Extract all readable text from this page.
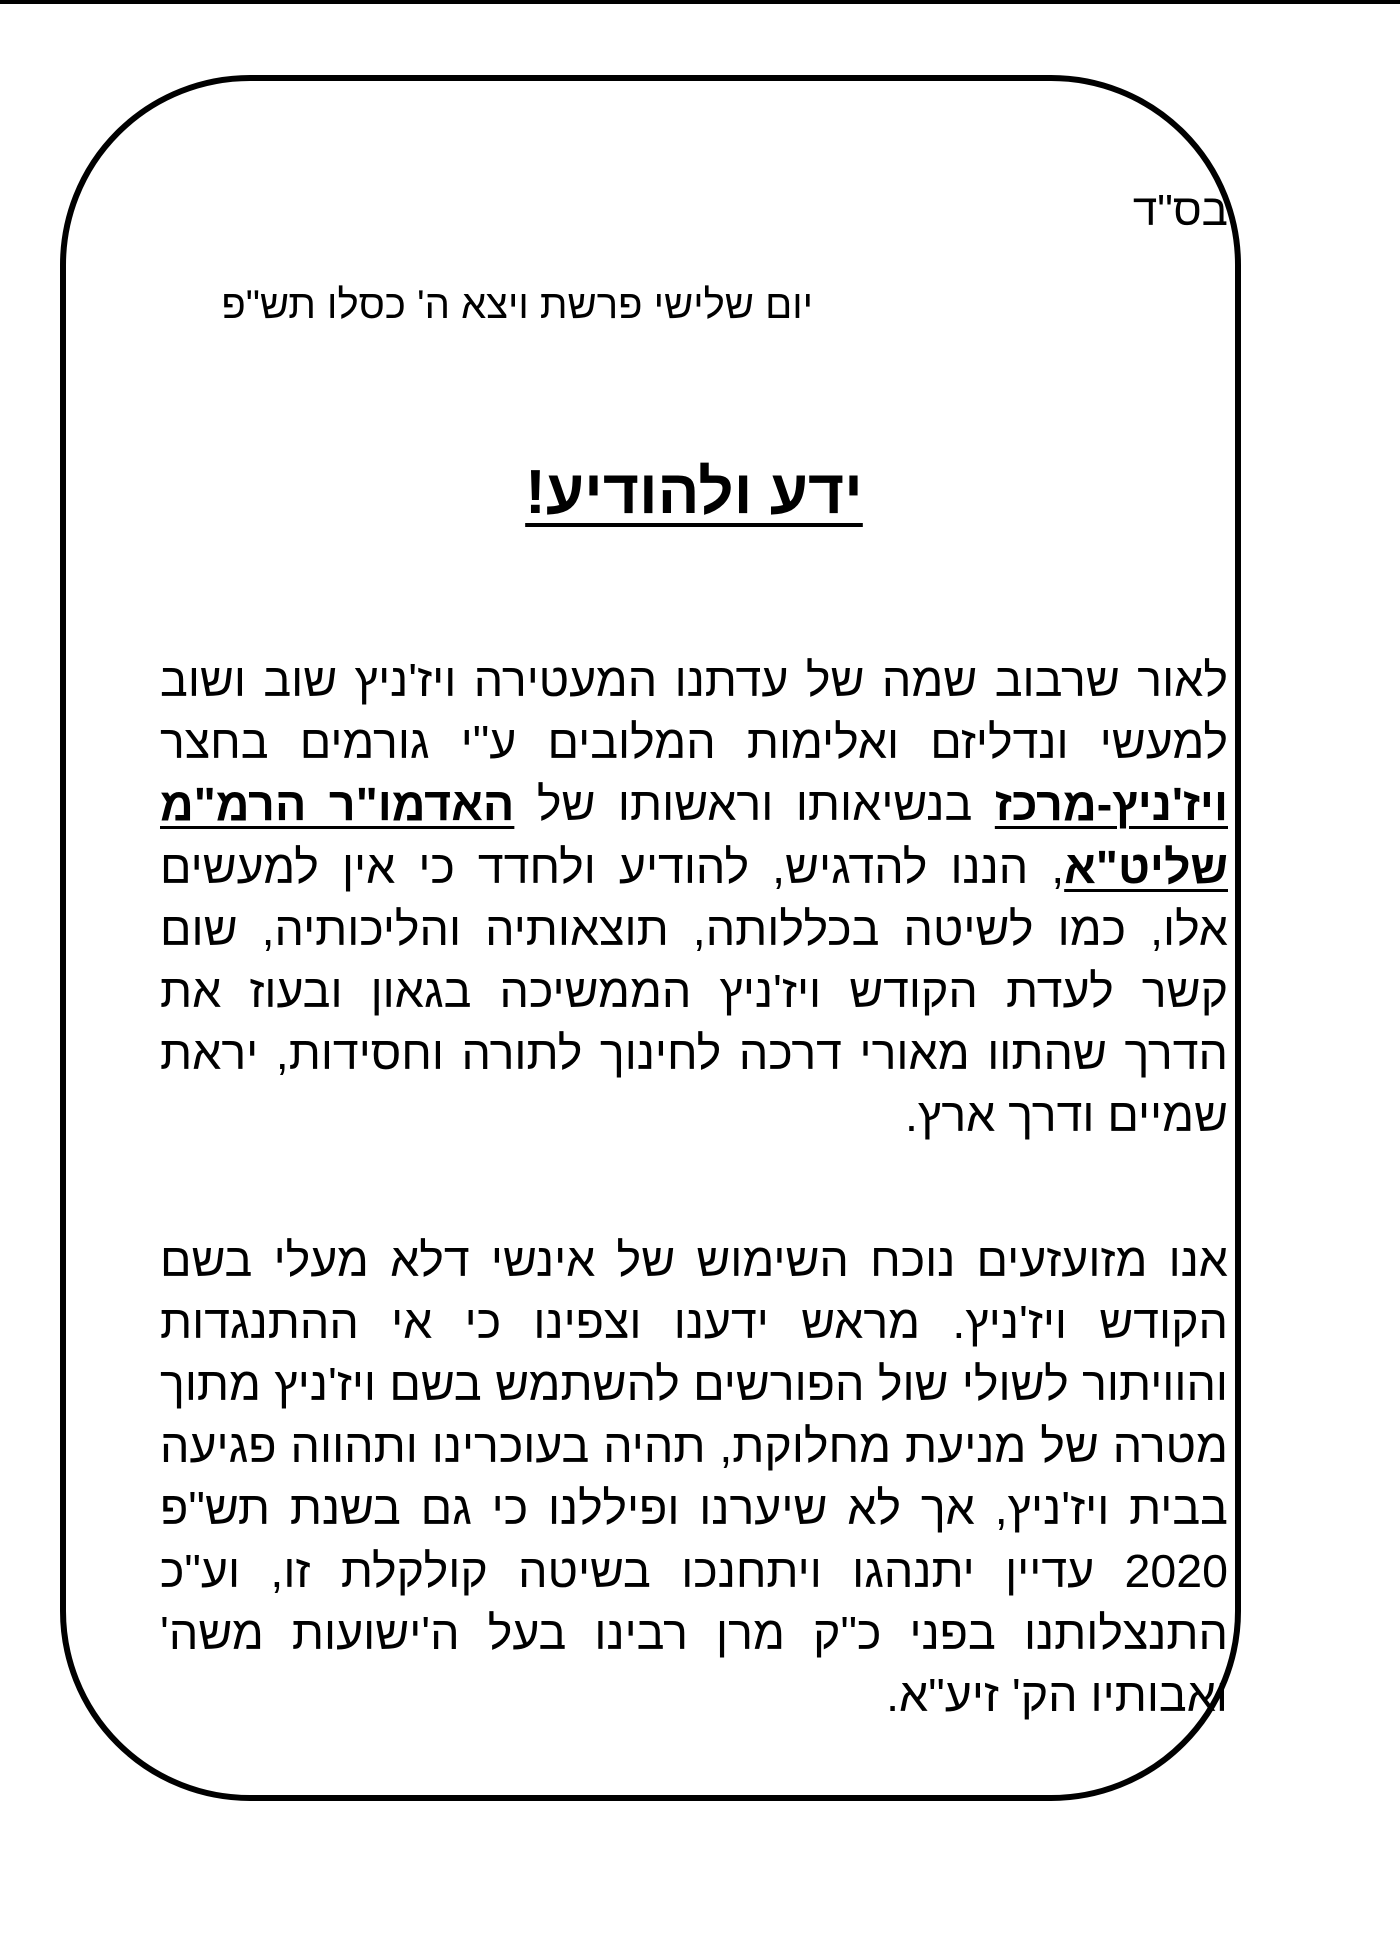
בס"ד
יום שלישי פרשת ויצא ה' כסלו תש"פ
ידע ולהודיע!

לאור שרבוב שמה של עדתנו המעטירה ויז'ניץ שוב ושוב למעשי ונדליזם ואלימות המלובים ע"י גורמים בחצר ויז'ניץ-מרכז בנשיאותו וראשותו של האדמו"ר הרמ"מ שליט"א, הננו להדגיש, להודיע ולחדד כי אין למעשים אלו, כמו לשיטה בכללותה, תוצאותיה והליכותיה, שום קשר לעדת הקודש ויז'ניץ הממשיכה בגאון ובעוז את הדרך שהתוו מאורי דרכה לחינוך לתורה וחסידות, יראת שמיים ודרך ארץ.

אנו מזועזעים נוכח השימוש של אינשי דלא מעלי בשם הקודש ויז'ניץ. מראש ידענו וצפינו כי אי ההתנגדות והוויתור לשולי שול הפורשים להשתמש בשם ויז'ניץ מתוך מטרה של מניעת מחלוקת, תהיה בעוכרינו ותהווה פגיעה בבית ויז'ניץ, אך לא שיערנו ופיללנו כי גם בשנת תש"פ 2020 עדיין יתנהגו ויתחנכו בשיטה קולקלת זו, וע"כ התנצלותנו בפני כ"ק מרן רבינו בעל ה'ישועות משה' ואבותיו הק' זיע"א.
